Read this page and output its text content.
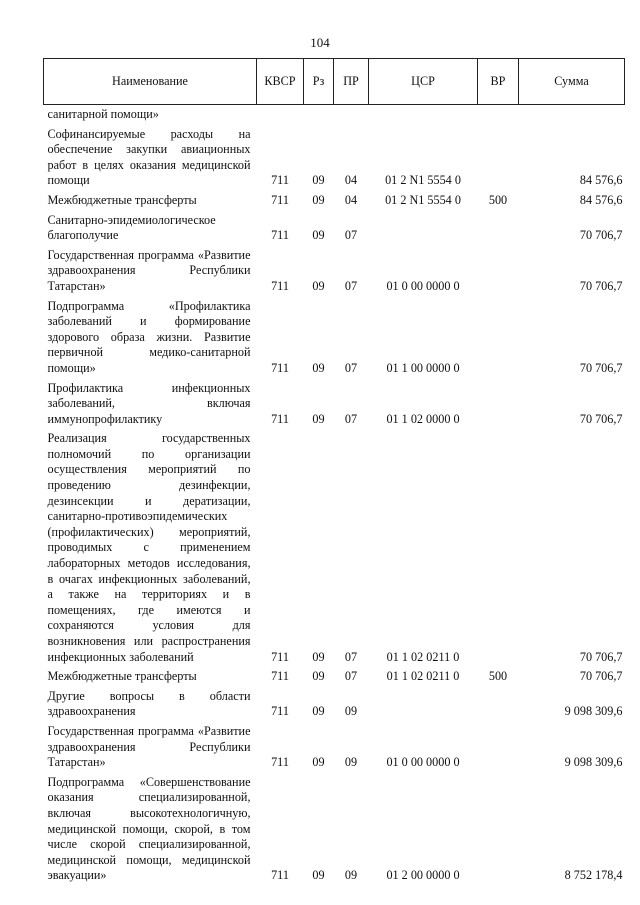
104
Наименование	КВСР	Рз	ПР	ЦСР	ВР	Сумма
санитарной помощи»						
Софинансируемые расходы на обеспечение закупки авиационных работ в целях оказания медицинской помощи	711	09	04	01 2 N1 5554 0		84 576,6
Межбюджетные трансферты	711	09	04	01 2 N1 5554 0	500	84 576,6
Санитарно-эпидемиологическое благополучие	711	09	07			70 706,7
Государственная программа «Развитие здравоохранения Республики Татарстан»	711	09	07	01 0 00 0000 0		70 706,7
Подпрограмма «Профилактика заболеваний и формирование здорового образа жизни. Развитие первичной медико-санитарной помощи»	711	09	07	01 1 00 0000 0		70 706,7
Профилактика инфекционных заболеваний, включая иммунопрофилактику	711	09	07	01 1 02 0000 0		70 706,7
Реализация государственных полномочий по организации осуществления мероприятий по проведению дезинфекции, дезинсекции и дератизации, санитарно-противоэпидемических (профилактических) мероприятий, проводимых с применением лабораторных методов исследования, в очагах инфекционных заболеваний, а также на территориях и в помещениях, где имеются и сохраняются условия для возникновения или распространения инфекционных заболеваний	711	09	07	01 1 02 0211 0		70 706,7
Межбюджетные трансферты	711	09	07	01 1 02 0211 0	500	70 706,7
Другие вопросы в области здравоохранения	711	09	09			9 098 309,6
Государственная программа «Развитие здравоохранения Республики Татарстан»	711	09	09	01 0 00 0000 0		9 098 309,6
Подпрограмма «Совершенствование оказания специализированной, включая высокотехнологичную, медицинской помощи, скорой, в том числе скорой специализированной, медицинской помощи, медицинской эвакуации»	711	09	09	01 2 00 0000 0		8 752 178,4
